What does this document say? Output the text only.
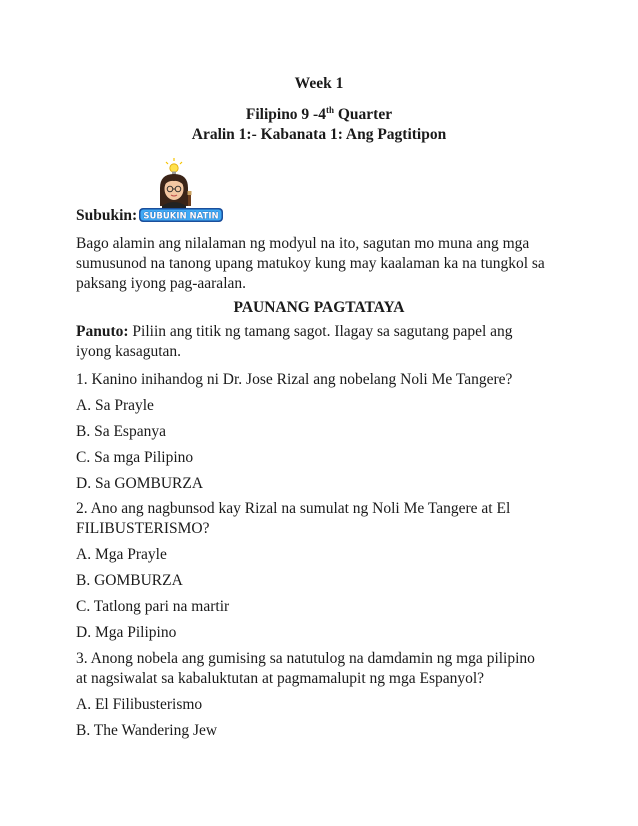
Week 1
Filipino 9 -4th Quarter
Aralin 1:- Kabanata 1: Ang Pagtitipon
Subukin: SUBUKIN NATIN
Bago alamin ang nilalaman ng modyul na ito, sagutan mo muna ang mga sumusunod na tanong upang matukoy kung may kaalaman ka na tungkol sa paksang iyong pag-aaralan.
PAUNANG PAGTATAYA
Panuto: Piliin ang titik ng tamang sagot. Ilagay sa sagutang papel ang iyong kasagutan.
1. Kanino inihandog ni Dr. Jose Rizal ang nobelang Noli Me Tangere?
A. Sa Prayle
B. Sa Espanya
C. Sa mga Pilipino
D. Sa GOMBURZA
2. Ano ang nagbunsod kay Rizal na sumulat ng Noli Me Tangere at El FILIBUSTERISMO?
A. Mga Prayle
B. GOMBURZA
C. Tatlong pari na martir
D. Mga Pilipino
3. Anong nobela ang gumising sa natutulog na damdamin ng mga pilipino at nagsiwalat sa kabaluktutan at pagmamalupit ng mga Espanyol?
A. El Filibusterismo
B. The Wandering Jew
